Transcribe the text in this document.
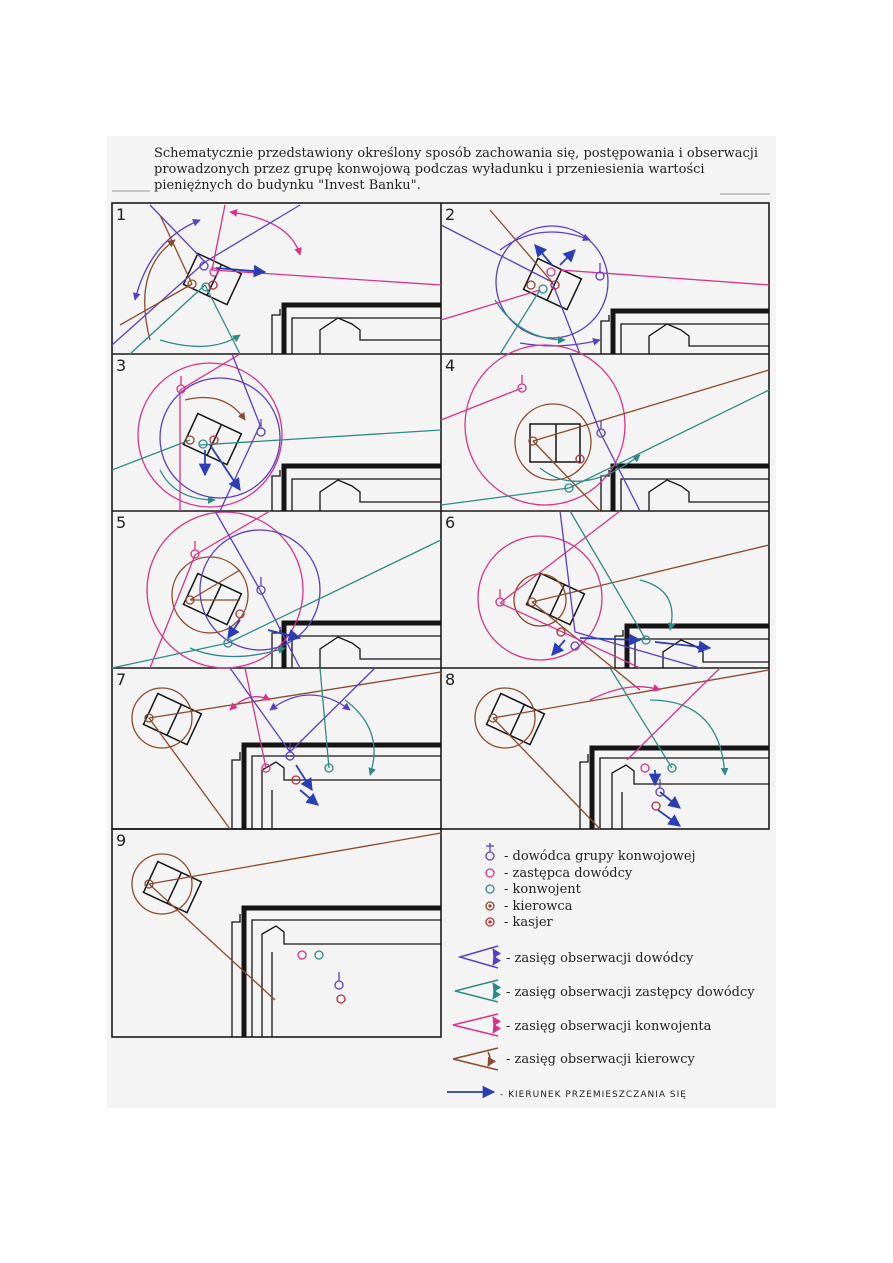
Schematycznie przedstawiony określony sposób zachowania się, postępowania i obserwacji
prowadzonych przez grupę konwojową podczas wyładunku i przeniesienia wartości
pieniężnych do budynku "Invest Banku".
1	2
3	4
5	6
7	8
9
- dowódca grupy konwojowej
- zastępca dowódcy
- konwojent
- kierowca
- kasjer
- zasięg obserwacji dowódcy
- zasięg obserwacji zastępcy dowódcy
- zasięg obserwacji konwojenta
- zasięg obserwacji kierowcy
- KIERUNEK PRZEMIESZCZANIA SIĘ
